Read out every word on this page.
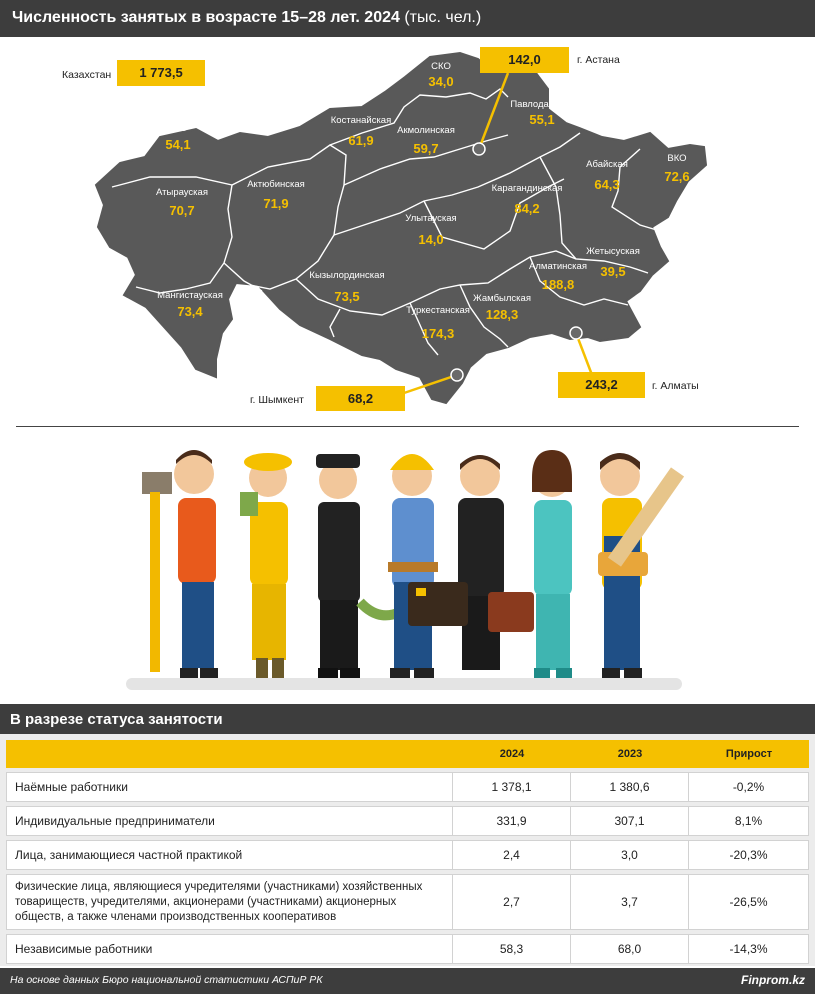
Численность занятых в возрасте 15–28 лет. 2024 (тыс. чел.)
Казахстан	1 773,5
142,0	г. Астана
243,2	г. Алматы
68,2
г. Шымкент
СКО
34,0
Павлодарская
55,1
Костанайская
61,9
Акмолинская
59,7
ЗКО
54,1
Абайская
64,3
ВКО
72,6
Актюбинская
71,9
Атырауская
70,7
Карагандинская
84,2
Улытауская
14,0
Жетысуская
39,5
Алматинская
188,8
Кызылординская
73,5
Мангистауская
73,4
Жамбылская
128,3
Туркестанская
174,3
В разрезе статуса занятости
	2024	2023	Прирост
Наёмные работники	1 378,1	1 380,6	-0,2%
Индивидуальные предприниматели	331,9	307,1	8,1%
Лица, занимающиеся частной практикой	2,4	3,0	-20,3%
Физические лица, являющиеся учредителями (участниками) хозяйственных товариществ, учредителями, акционерами (участниками) акционерных обществ, а также членами производственных кооперативов	2,7	3,7	-26,5%
Независимые работники	58,3	68,0	-14,3%
На основе данных Бюро национальной статистики АСПиР РК	Finprom.kz
